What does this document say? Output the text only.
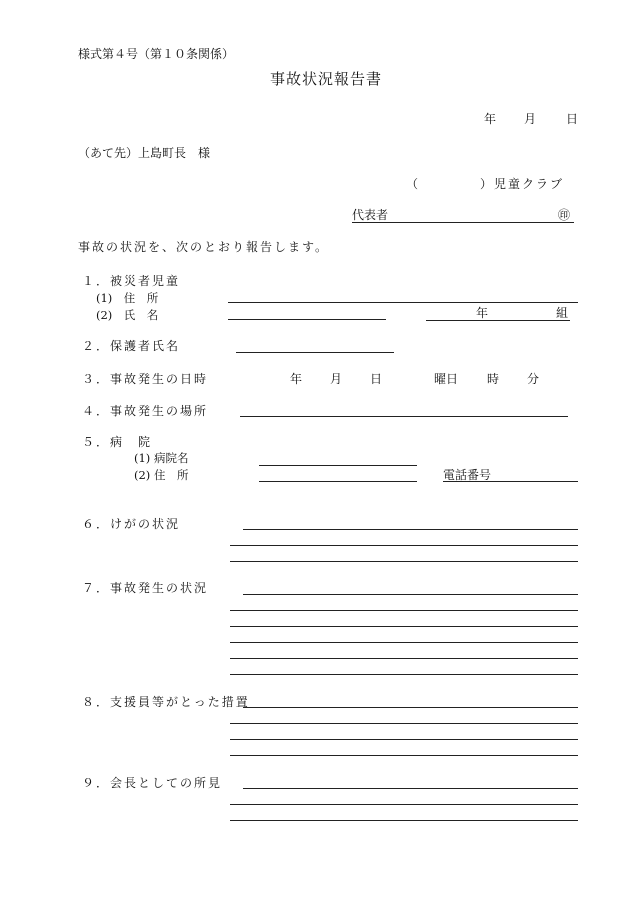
様式第４号（第１０条関係）
事故状況報告書
年 月 日
（あて先）上島町長　様
（	）児童クラブ
代表者	㊞
事故の状況を、次のとおり報告します。
１．被災者児童
(1)　住　所
(2)　氏　名	年	組
２．保護者氏名
３．事故発生の日時	年 月 日	曜日 時 分
４．事故発生の場所
５．病　院
(1) 病院名
(2) 住　所	電話番号
６．けがの状況
７．事故発生の状況
８．支援員等がとった措置
９．会長としての所見
